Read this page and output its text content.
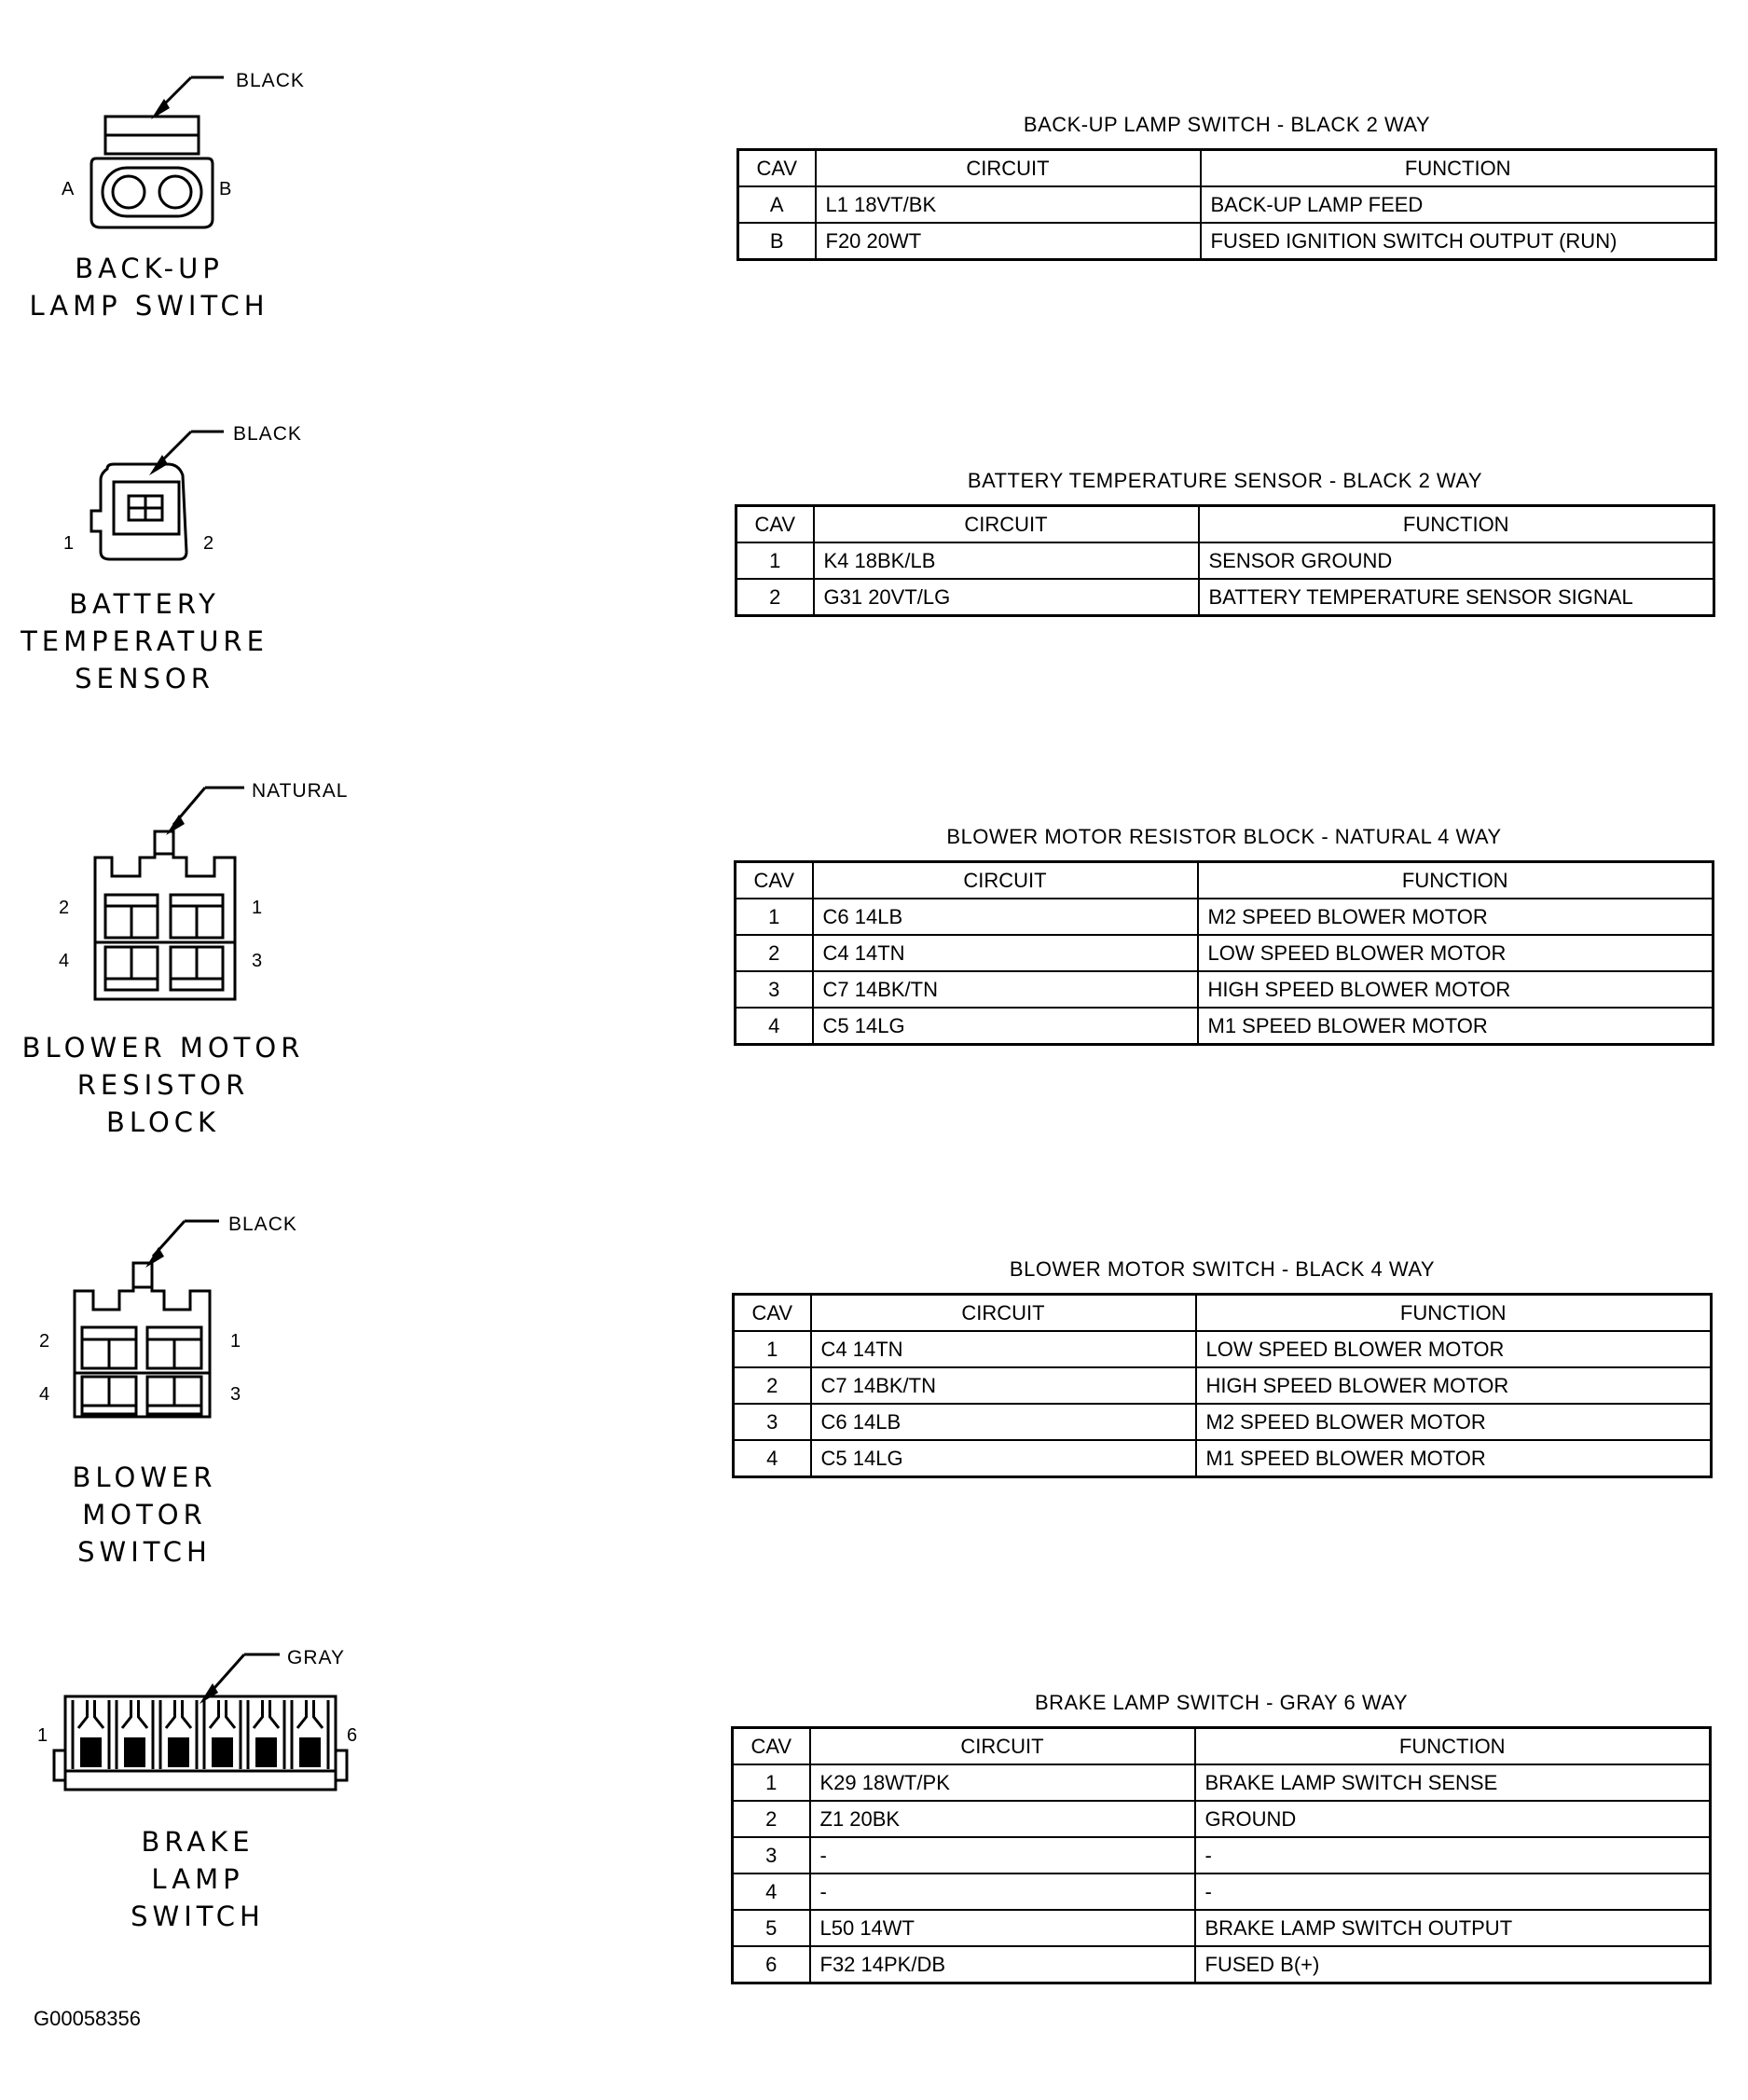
BLACK
A	B
BACK-UP
LAMP SWITCH
BACK-UP LAMP SWITCH - BLACK 2 WAY
CAV	CIRCUIT	FUNCTION
A	L1 18VT/BK	BACK-UP LAMP FEED
B	F20 20WT	FUSED IGNITION SWITCH OUTPUT (RUN)
BLACK
1	2
BATTERY
TEMPERATURE
SENSOR
BATTERY TEMPERATURE SENSOR - BLACK 2 WAY
CAV	CIRCUIT	FUNCTION
1	K4 18BK/LB	SENSOR GROUND
2	G31 20VT/LG	BATTERY TEMPERATURE SENSOR SIGNAL
NATURAL
2	1
4	3
BLOWER MOTOR
RESISTOR BLOCK
BLOWER MOTOR RESISTOR BLOCK - NATURAL 4 WAY
CAV	CIRCUIT	FUNCTION
1	C6 14LB	M2 SPEED BLOWER MOTOR
2	C4 14TN	LOW SPEED BLOWER MOTOR
3	C7 14BK/TN	HIGH SPEED BLOWER MOTOR
4	C5 14LG	M1 SPEED BLOWER MOTOR
BLACK
2	1
4	3
BLOWER
MOTOR
SWITCH
BLOWER MOTOR SWITCH - BLACK 4 WAY
CAV	CIRCUIT	FUNCTION
1	C4 14TN	LOW SPEED BLOWER MOTOR
2	C7 14BK/TN	HIGH SPEED BLOWER MOTOR
3	C6 14LB	M2 SPEED BLOWER MOTOR
4	C5 14LG	M1 SPEED BLOWER MOTOR
GRAY
1	6
BRAKE
LAMP
SWITCH
BRAKE LAMP SWITCH - GRAY 6 WAY
CAV	CIRCUIT	FUNCTION
1	K29 18WT/PK	BRAKE LAMP SWITCH SENSE
2	Z1 20BK	GROUND
3	-	-
4	-	-
5	L50 14WT	BRAKE LAMP SWITCH OUTPUT
6	F32 14PK/DB	FUSED B(+)
G00058356
